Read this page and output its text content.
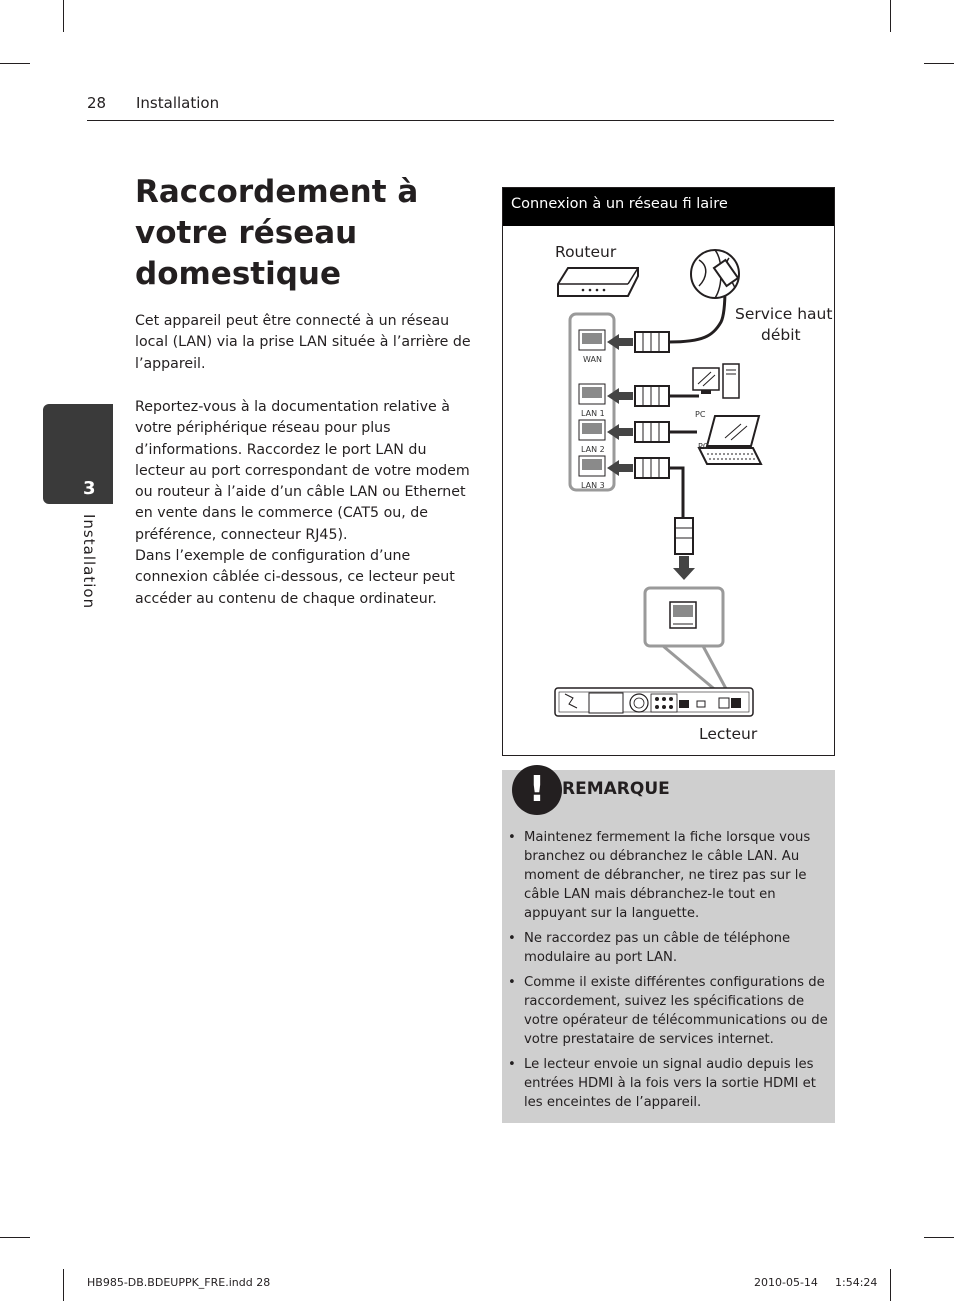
28 Installation
3
Installation
Raccordement à votre réseau domestique

Cet appareil peut être connecté à un réseau local (LAN) via la prise LAN située à l’arrière de l’appareil.

Reportez-vous à la documentation relative à votre périphérique réseau pour plus d’informations. Raccordez le port LAN du lecteur au port correspondant de votre modem ou routeur à l’aide d’un câble LAN ou Ethernet en vente dans le commerce (CAT5 ou, de préférence, connecteur RJ45).

Dans l’exemple de configuration d’une connexion câblée ci-dessous, ce lecteur peut accéder au contenu de chaque ordinateur.

Connexion à un réseau fi laire
Routeur
Service haut
débit
Lecteur
WAN
LAN 1
LAN 2
LAN 3
PC
PC
! REMARQUE
• Maintenez fermement la fiche lorsque vous branchez ou débranchez le câble LAN. Au moment de débrancher, ne tirez pas sur le câble LAN mais débranchez-le tout en appuyant sur la languette.
• Ne raccordez pas un câble de téléphone modulaire au port LAN.
• Comme il existe différentes configurations de raccordement, suivez les spécifications de votre opérateur de télécommunications ou de votre prestataire de services internet.
• Le lecteur envoie un signal audio depuis les entrées HDMI à la fois vers la sortie HDMI et les enceintes de l’appareil.
HB985-DB.BDEUPPK_FRE.indd 28	2010-05-14 1:54:24
